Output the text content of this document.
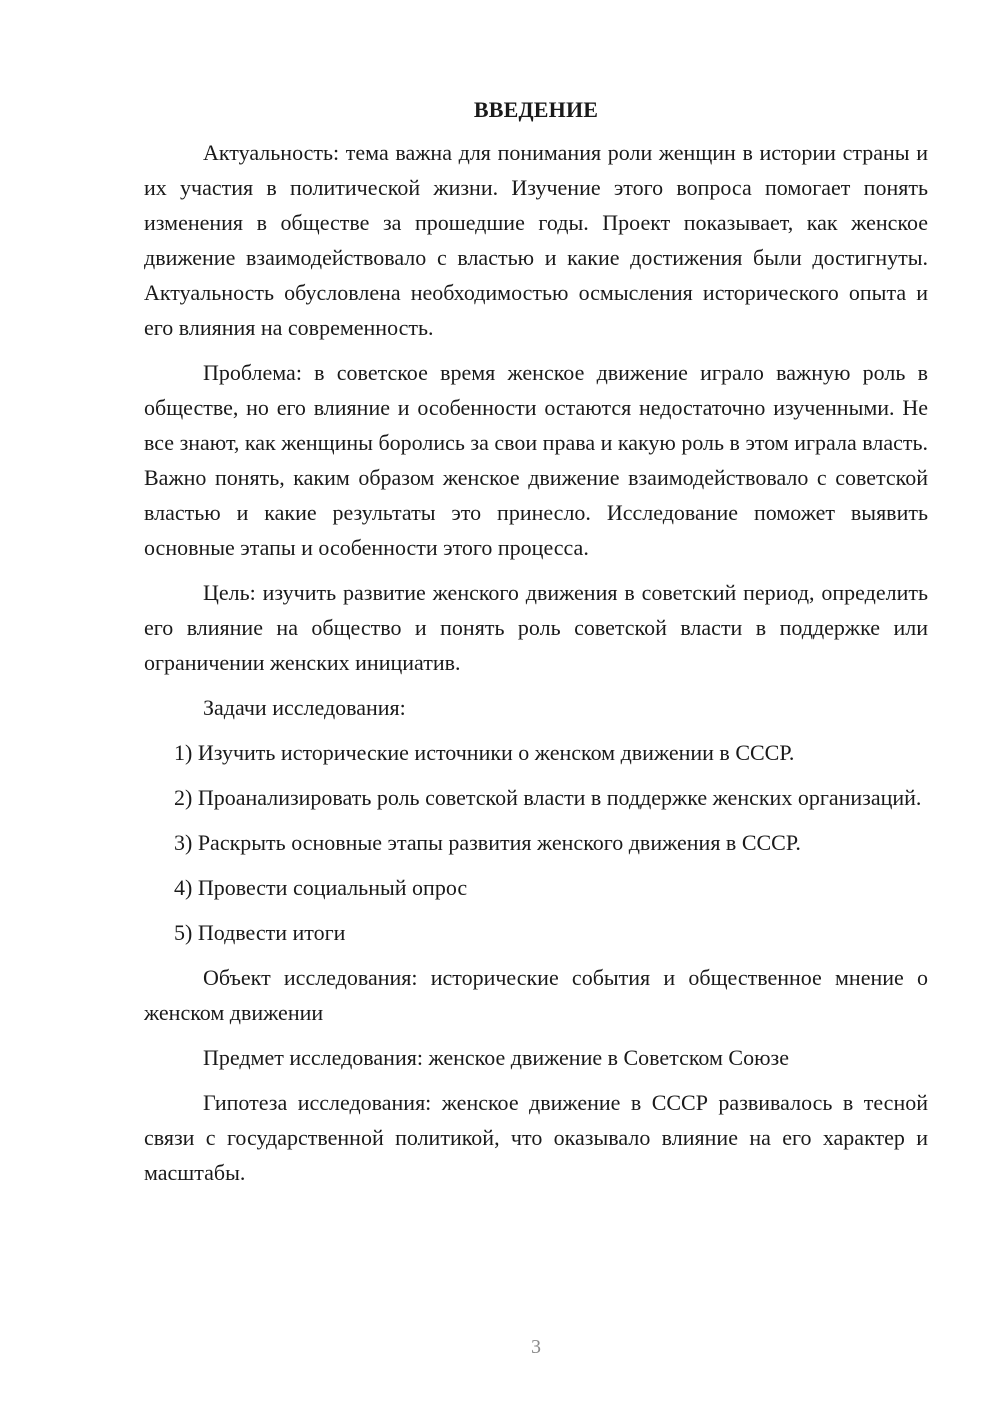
ВВЕДЕНИЕ

Актуальность: тема важна для понимания роли женщин в истории страны и их участия в политической жизни. Изучение этого вопроса помогает понять изменения в обществе за прошедшие годы. Проект показывает, как женское движение взаимодействовало с властью и какие достижения были достигнуты. Актуальность обусловлена необходимостью осмысления исторического опыта и его влияния на современность.

Проблема: в советское время женское движение играло важную роль в обществе, но его влияние и особенности остаются недостаточно изученными. Не все знают, как женщины боролись за свои права и какую роль в этом играла власть. Важно понять, каким образом женское движение взаимодействовало с советской властью и какие результаты это принесло. Исследование поможет выявить основные этапы и особенности этого процесса.

Цель: изучить развитие женского движения в советский период, определить его влияние на общество и понять роль советской власти в поддержке или ограничении женских инициатив.

Задачи исследования:

1) Изучить исторические источники о женском движении в СССР.

2) Проанализировать роль советской власти в поддержке женских организаций.

3) Раскрыть основные этапы развития женского движения в СССР.

4) Провести социальный опрос

5) Подвести итоги

Объект исследования: исторические события и общественное мнение о женском движении

Предмет исследования: женское движение в Советском Союзе

Гипотеза исследования: женское движение в СССР развивалось в тесной связи с государственной политикой, что оказывало влияние на его характер и масштабы.

3
